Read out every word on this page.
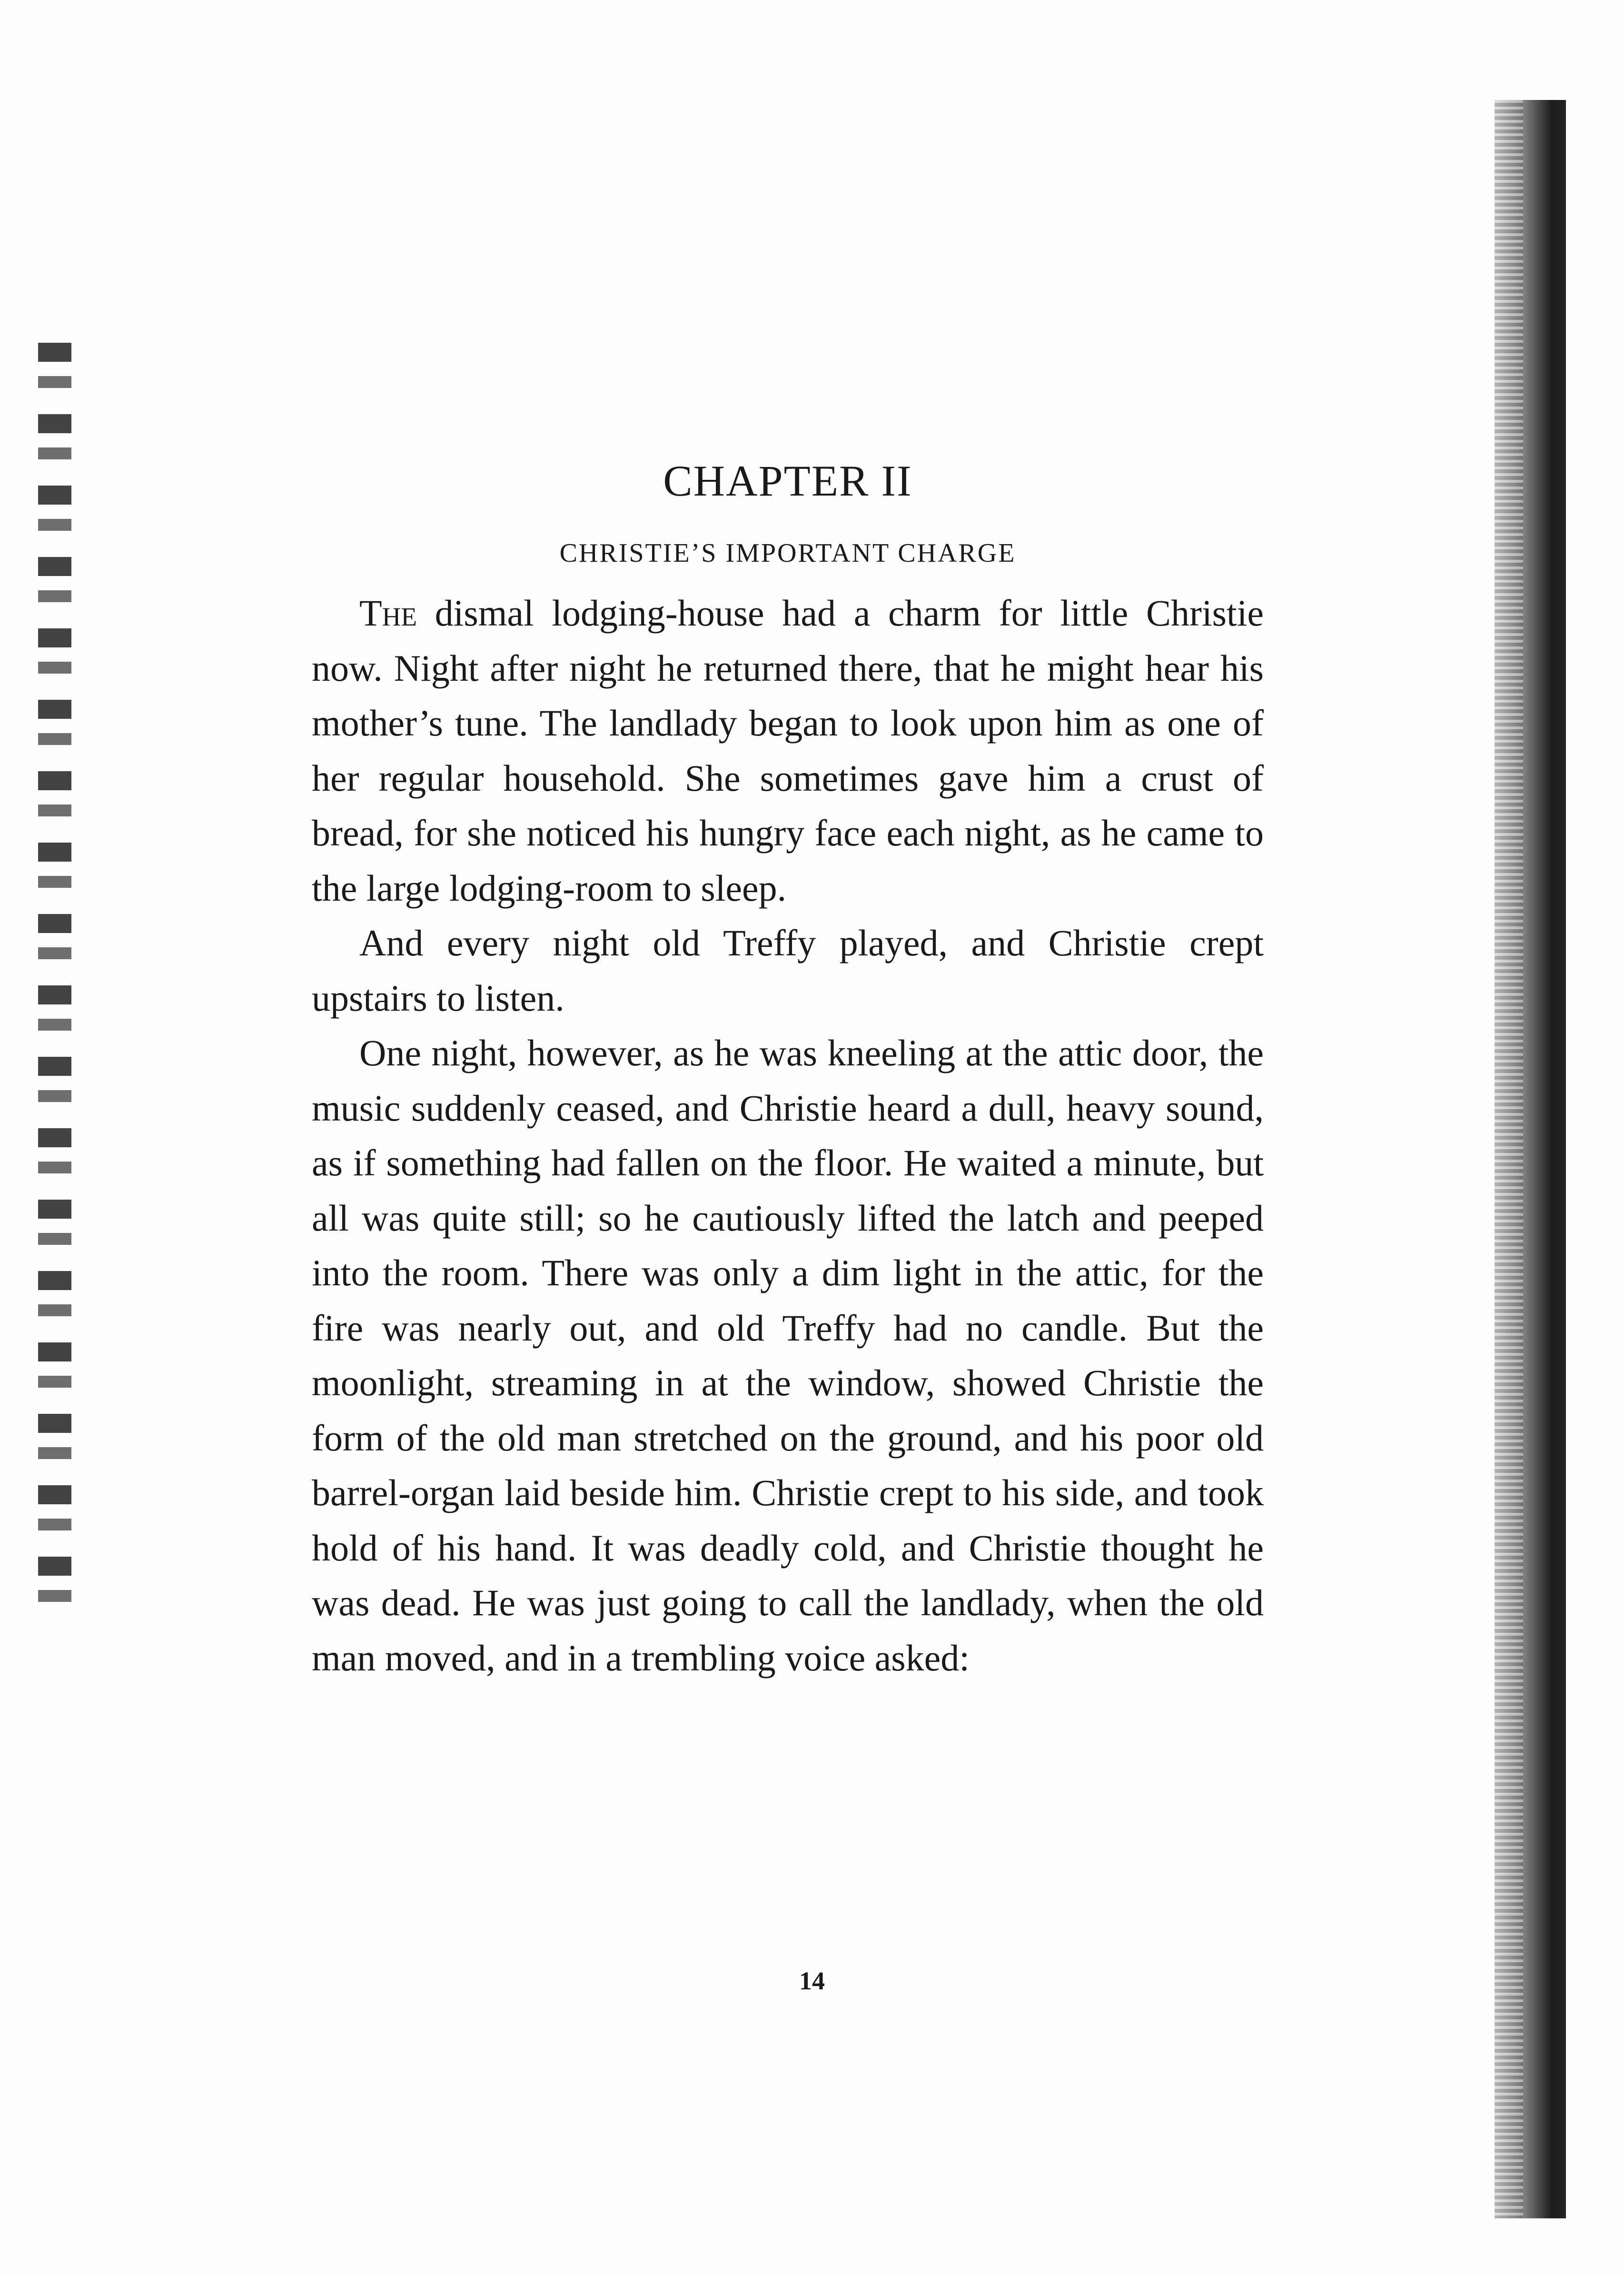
CHAPTER II
CHRISTIE’S IMPORTANT CHARGE

The dismal lodging-house had a charm for little Christie now. Night after night he returned there, that he might hear his mother’s tune. The landlady began to look upon him as one of her regular household. She sometimes gave him a crust of bread, for she noticed his hungry face each night, as he came to the large lodging-room to sleep.

And every night old Treffy played, and Christie crept upstairs to listen.

One night, however, as he was kneeling at the attic door, the music suddenly ceased, and Christie heard a dull, heavy sound, as if something had fallen on the floor. He waited a minute, but all was quite still; so he cautiously lifted the latch and peeped into the room. There was only a dim light in the attic, for the fire was nearly out, and old Treffy had no candle. But the moonlight, streaming in at the window, showed Christie the form of the old man stretched on the ground, and his poor old barrel-organ laid beside him. Christie crept to his side, and took hold of his hand. It was deadly cold, and Christie thought he was dead. He was just going to call the landlady, when the old man moved, and in a trembling voice asked:

14
